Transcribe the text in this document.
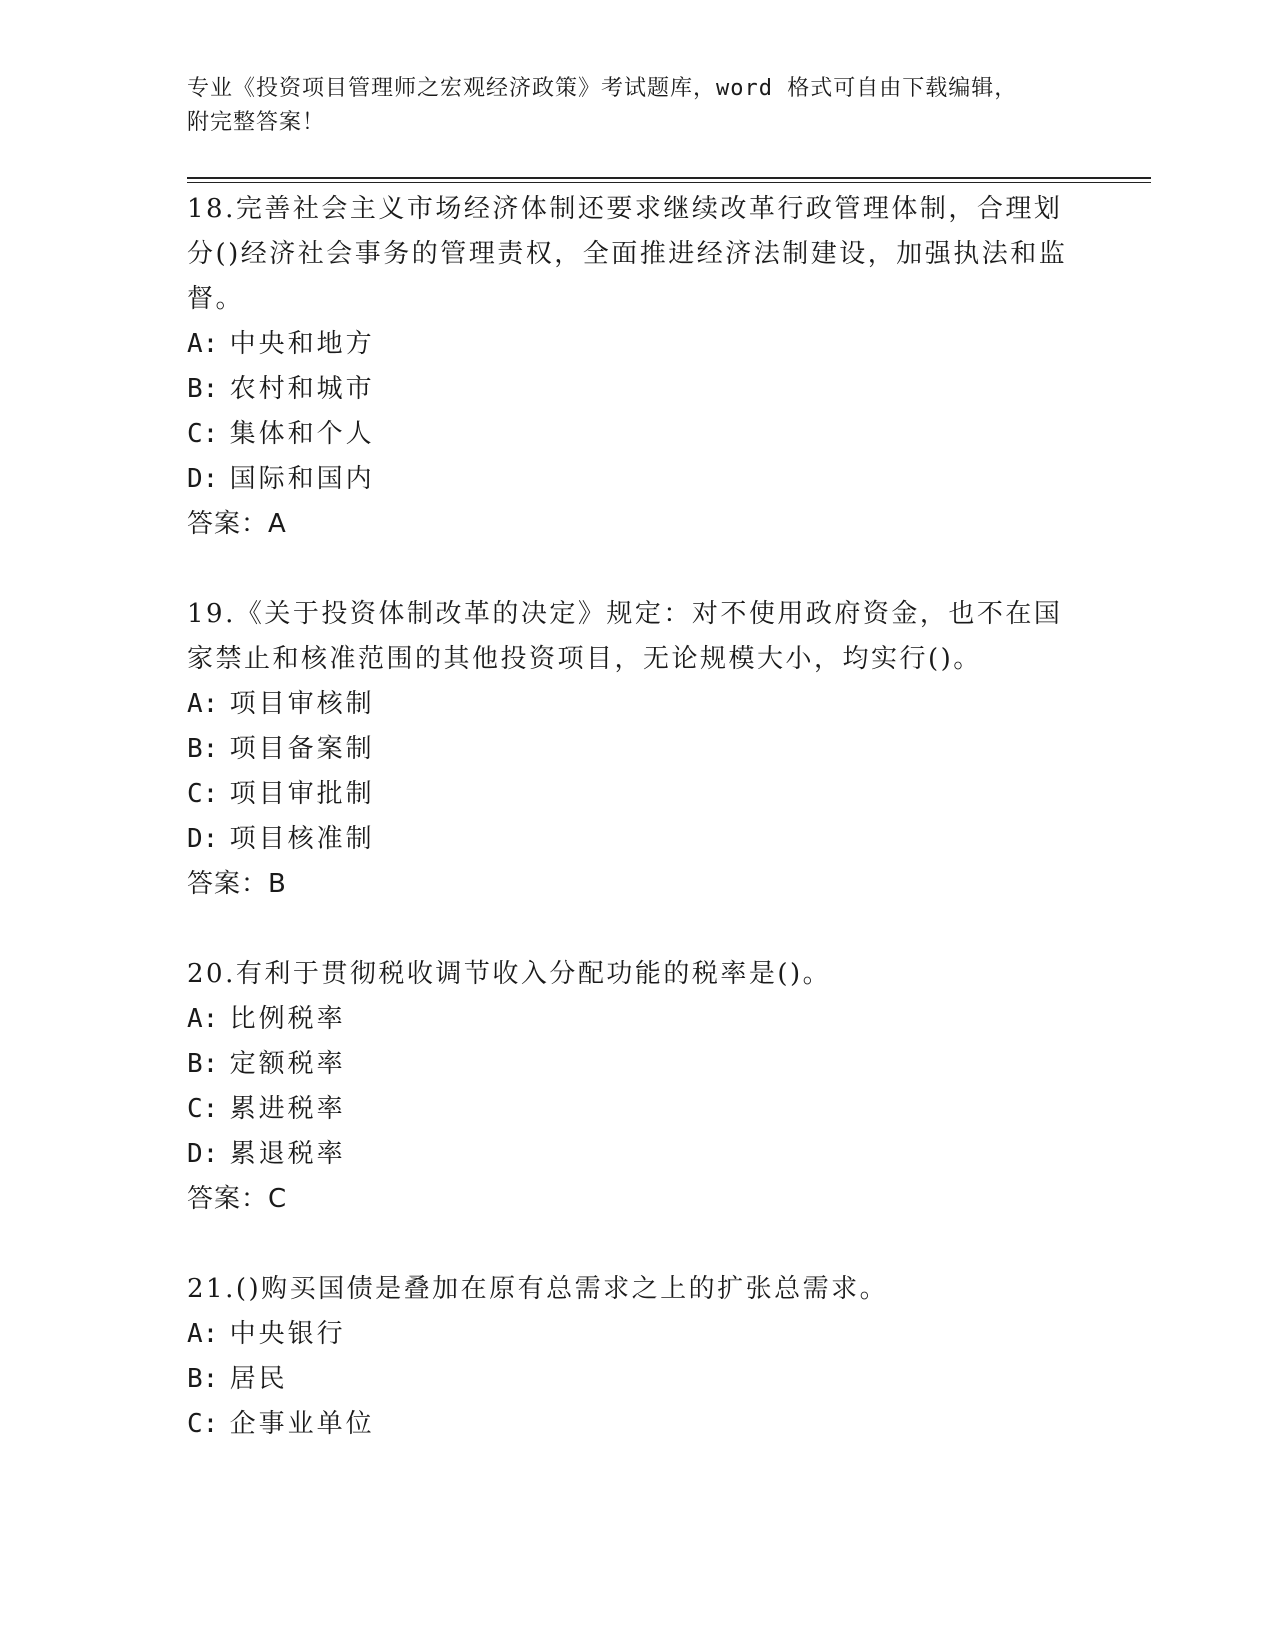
专业《投资项目管理师之宏观经济政策》考试题库，word 格式可自由下载编辑，
附完整答案！

18.完善社会主义市场经济体制还要求继续改革行政管理体制，合理划分()经济社会事务的管理责权，全面推进经济法制建设，加强执法和监督。

A: 中央和地方

B: 农村和城市

C: 集体和个人

D: 国际和国内

答案：A

19.《关于投资体制改革的决定》规定：对不使用政府资金，也不在国家禁止和核准范围的其他投资项目，无论规模大小，均实行()。

A: 项目审核制

B: 项目备案制

C: 项目审批制

D: 项目核准制

答案：B

20.有利于贯彻税收调节收入分配功能的税率是()。

A: 比例税率

B: 定额税率

C: 累进税率

D: 累退税率

答案：C

21.()购买国债是叠加在原有总需求之上的扩张总需求。

A: 中央银行

B: 居民

C: 企事业单位
